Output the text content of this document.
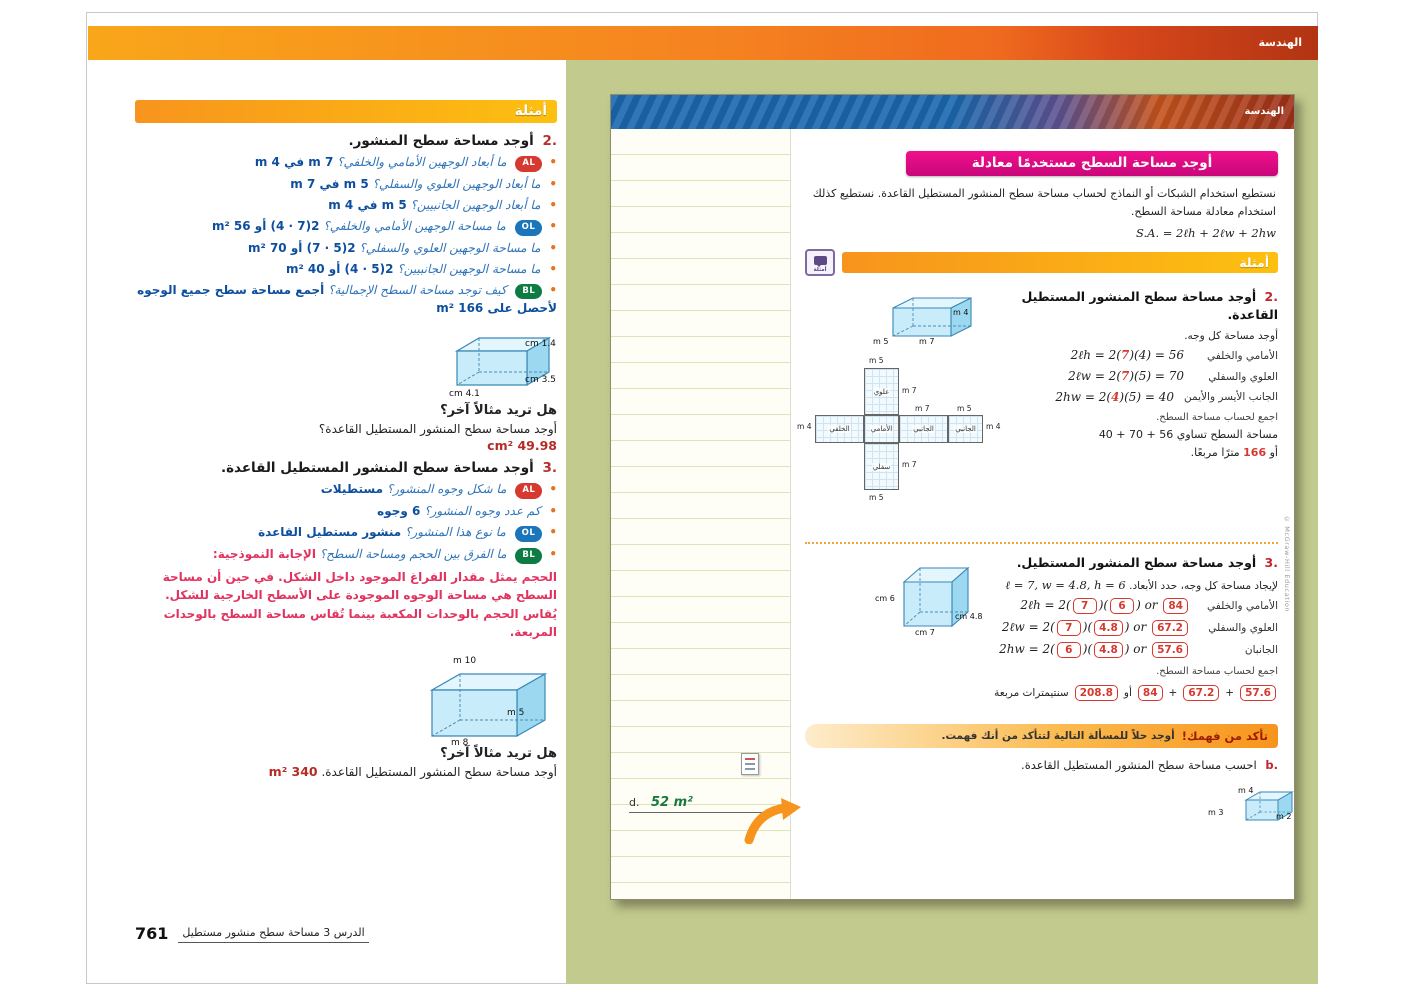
الهندسة
أمثلة
2. أوجد مساحة سطح المنشور.
•AL ما أبعاد الوجهين الأمامي والخلفي؟ 7 m في 4 m
• ما أبعاد الوجهين العلوي والسفلي؟ 5 m في 7 m
• ما أبعاد الوجهين الجانبيين؟ 5 m في 4 m
•OL ما مساحة الوجهين الأمامي والخلفي؟ 2(7 · 4) أو 56 m²
• ما مساحة الوجهين العلوي والسفلي؟ 2(5 · 7) أو 70 m²
• ما مساحة الوجهين الجانبيين؟ 2(5 · 4) أو 40 m²
•BL كيف توجد مساحة السطح الإجمالية؟ أجمع مساحة سطح جميع الوجوه لأحصل على 166 m²
1.4 cm
3.5 cm
4.1 cm
هل تريد مثالاً آخر؟
أوجد مساحة سطح المنشور المستطيل القاعدة؟
49.98 cm²
3. أوجد مساحة سطح المنشور المستطيل القاعدة.
•AL ما شكل وجوه المنشور؟ مستطيلات
• كم عدد وجوه المنشور؟ 6 وجوه
•OL ما نوع هذا المنشور؟ منشور مستطيل القاعدة
•BL ما الفرق بين الحجم ومساحة السطح؟ الإجابة النموذجية:
الحجم يمثل مقدار الفراغ الموجود داخل الشكل. في حين أن مساحة السطح هي مساحة الوجوه الموجودة على الأسطح الخارجية للشكل. يُقاس الحجم بالوحدات المكعبة بينما تُقاس مساحة السطح بالوحدات المربعة.
10 m
5 m
8 m
هل تريد مثالاً آخر؟
أوجد مساحة سطح المنشور المستطيل القاعدة. 340 m²
761	الدرس 3 مساحة سطح منشور مستطيل
الهندسة
d. 52 m²
© McGraw-Hill Education
أوجد مساحة السطح مستخدمًا معادلة

نستطيع استخدام الشبكات أو النماذج لحساب مساحة سطح المنشور المستطيل القاعدة. نستطيع كذلك استخدام معادلة مساحة السطح.

S.A. = 2ℓh + 2ℓw + 2hw
أمثلة
أمثلة
4 m
5 m	7 m
علوي
الخلفي	الأمامي	الجانبي	الجانبي
سفلي
5 m
7 m
7 m	5 m
4 m	4 m
7 m
5 m
2. أوجد مساحة سطح المنشور المستطيل القاعدة.
أوجد مساحة كل وجه.
الأمامي والخلفي
2ℓh = 2(7)(4) = 56
العلوي والسفلي
2ℓw = 2(7)(5) = 70
الجانب الأيسر والأيمن
2hw = 2(4)(5) = 40
اجمع لحساب مساحة السطح.
مساحة السطح تساوي 56 + 70 + 40
أو 166 مترًا مربعًا.
6 cm
7 cm
4.8 cm
3. أوجد مساحة سطح المنشور المستطيل.
لإيجاد مساحة كل وجه، حدد الأبعاد. ℓ = 7, w = 4.8, h = 6
الأمامي والخلفي
2ℓh = 2( 7 )( 6 ) or 84
العلوي والسفلي
2ℓw = 2( 7 )( 4.8 ) or 67.2
الجانبان
2hw = 2( 6 )( 4.8 ) or 57.6
اجمع لحساب مساحة السطح.
سنتيمترات مربعة	208.8	أو	84	+	67.2	+	57.6
تأكد من فهمك!
أوجد حلاً للمسألة التالية لتتأكد من أنك فهمت.
b. احسب مساحة سطح المنشور المستطيل القاعدة.
4 m
3 m	2 m
